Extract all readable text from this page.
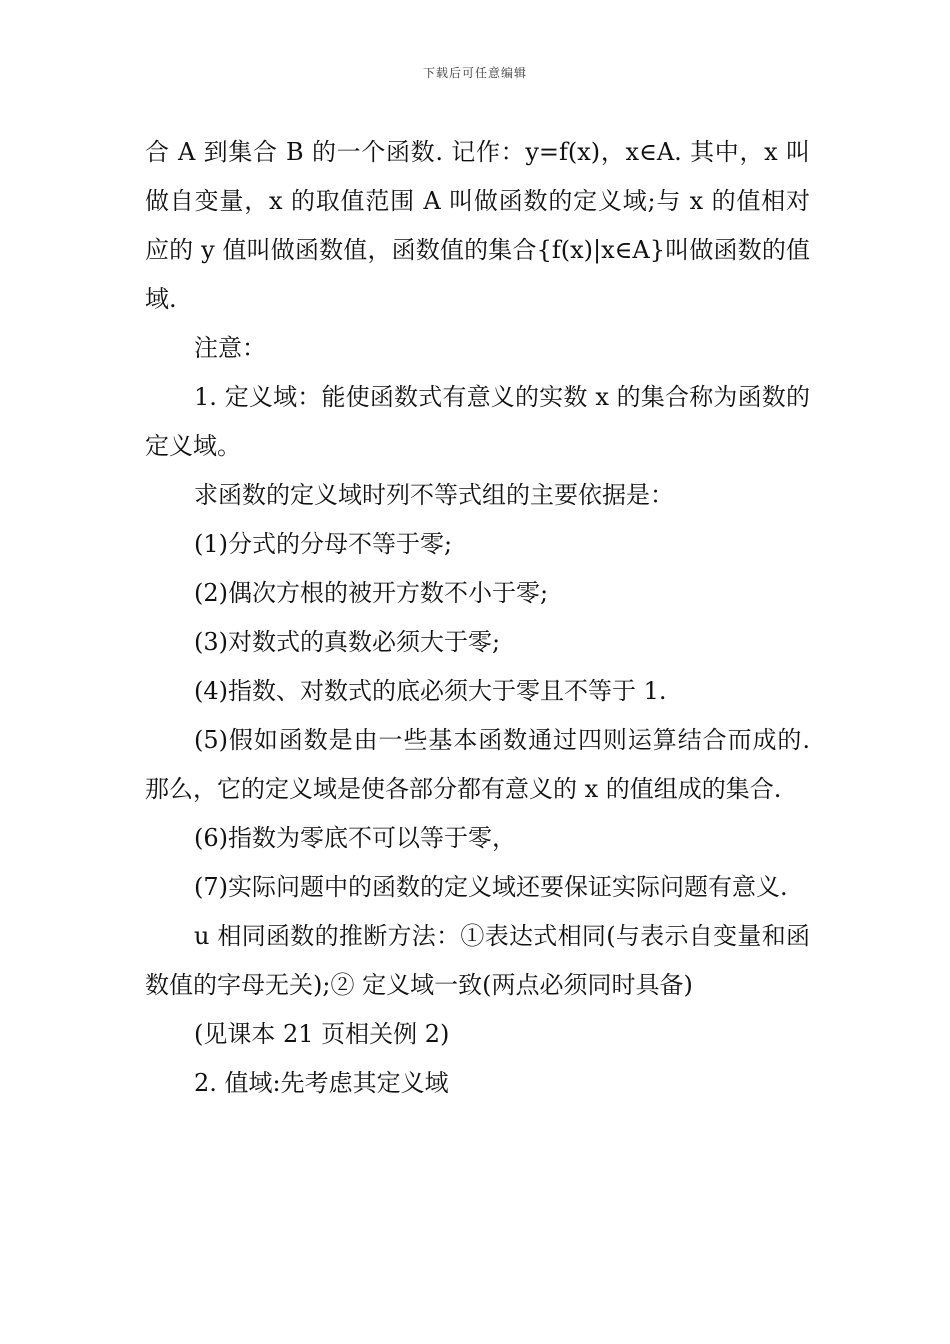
下载后可任意编辑

合 A 到集合 B 的一个函数. 记作：y=f(x)，x∈A. 其中，x 叫做自变量，x 的取值范围 A 叫做函数的定义域;与 x 的值相对应的 y 值叫做函数值，函数值的集合{f(x)|x∈A}叫做函数的值域.

注意：

1. 定义域：能使函数式有意义的实数 x 的集合称为函数的定义域。

求函数的定义域时列不等式组的主要依据是：

(1)分式的分母不等于零;

(2)偶次方根的被开方数不小于零;

(3)对数式的真数必须大于零;

(4)指数、对数式的底必须大于零且不等于 1.

(5)假如函数是由一些基本函数通过四则运算结合而成的. 那么，它的定义域是使各部分都有意义的 x 的值组成的集合.

(6)指数为零底不可以等于零，

(7)实际问题中的函数的定义域还要保证实际问题有意义.

u 相同函数的推断方法：①表达式相同(与表示自变量和函数值的字母无关);② 定义域一致(两点必须同时具备)

(见课本 21 页相关例 2)

2. 值域:先考虑其定义域
